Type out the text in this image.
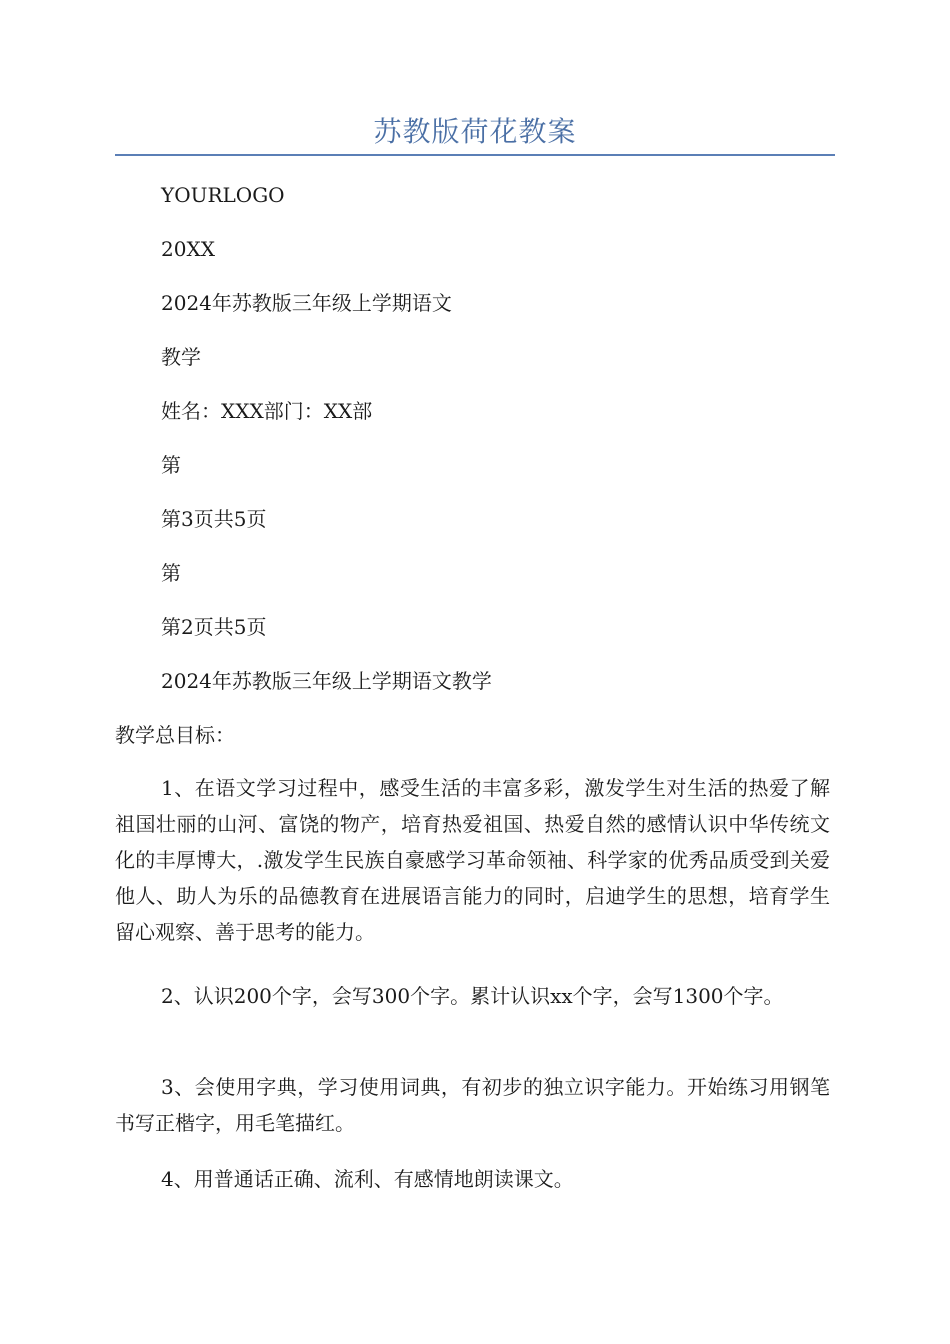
苏教版荷花教案
YOURLOGO
20XX
2024年苏教版三年级上学期语文
教学
姓名：XXX部门：XX部
第
第3页共5页
第
第2页共5页
2024年苏教版三年级上学期语文教学
教学总目标：
1、在语文学习过程中，感受生活的丰富多彩，激发学生对生活的热爱了解祖国壮丽的山河、富饶的物产，培育热爱祖国、热爱自然的感情认识中华传统文化的丰厚博大，.激发学生民族自豪感学习革命领袖、科学家的优秀品质受到关爱他人、助人为乐的品德教育在进展语言能力的同时，启迪学生的思想，培育学生留心观察、善于思考的能力。
2、认识200个字，会写300个字。累计认识xx个字，会写1300个字。
3、会使用字典，学习使用词典，有初步的独立识字能力。开始练习用钢笔书写正楷字，用毛笔描红。
4、用普通话正确、流利、有感情地朗读课文。
